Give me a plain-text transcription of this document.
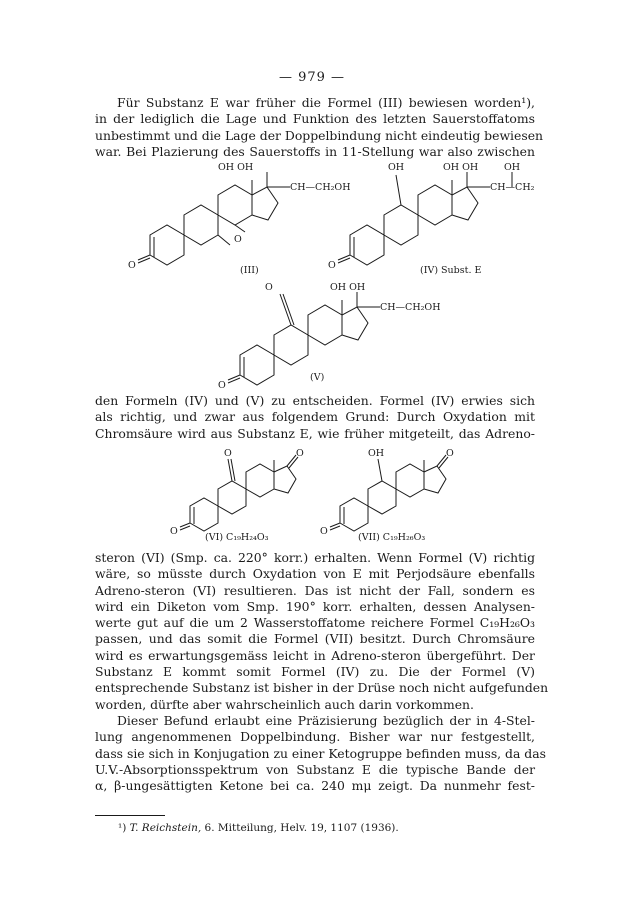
— 979 —
Für Substanz E war früher die Formel (III) bewiesen worden¹),
in der lediglich die Lage und Funktion des letzten Sauerstoffatoms
unbestimmt und die Lage der Doppelbindung nicht eindeutig bewiesen
war. Bei Plazierung des Sauerstoffs in 11-Stellung war also zwischen
O
O
OH OH
CH—CH₂OH
(III)	O
OH	OH OH	OH
CH—CH₂
(IV) Subst. E
O
O	OH OH
CH—CH₂OH
(V)
den Formeln (IV) und (V) zu entscheiden. Formel (IV) erwies sich
als richtig, und zwar aus folgendem Grund: Durch Oxydation mit
Chromsäure wird aus Substanz E, wie früher mitgeteilt, das Adreno-
O
O	O
(VI) C₁₉H₂₄O₃
O
OH	O
(VII) C₁₉H₂₆O₃
steron (VI) (Smp. ca. 220° korr.) erhalten. Wenn Formel (V) richtig
wäre, so müsste durch Oxydation von E mit Perjodsäure ebenfalls
Adreno-steron (VI) resultieren. Das ist nicht der Fall, sondern es
wird ein Diketon vom Smp. 190° korr. erhalten, dessen Analysen-
werte gut auf die um 2 Wasserstoffatome reichere Formel C₁₉H₂₆O₃
passen, und das somit die Formel (VII) besitzt. Durch Chromsäure
wird es erwartungsgemäss leicht in Adreno-steron übergeführt. Der
Substanz E kommt somit Formel (IV) zu. Die der Formel (V)
entsprechende Substanz ist bisher in der Drüse noch nicht aufgefunden
worden, dürfte aber wahrscheinlich auch darin vorkommen.
Dieser Befund erlaubt eine Präzisierung bezüglich der in 4-Stel-
lung angenommenen Doppelbindung. Bisher war nur festgestellt,
dass sie sich in Konjugation zu einer Ketogruppe befinden muss, da das
U.V.-Absorptionsspektrum von Substanz E die typische Bande der
α, β-ungesättigten Ketone bei ca. 240 mμ zeigt. Da nunmehr fest-
¹) T. Reichstein, 6. Mitteilung, Helv. 19, 1107 (1936).
